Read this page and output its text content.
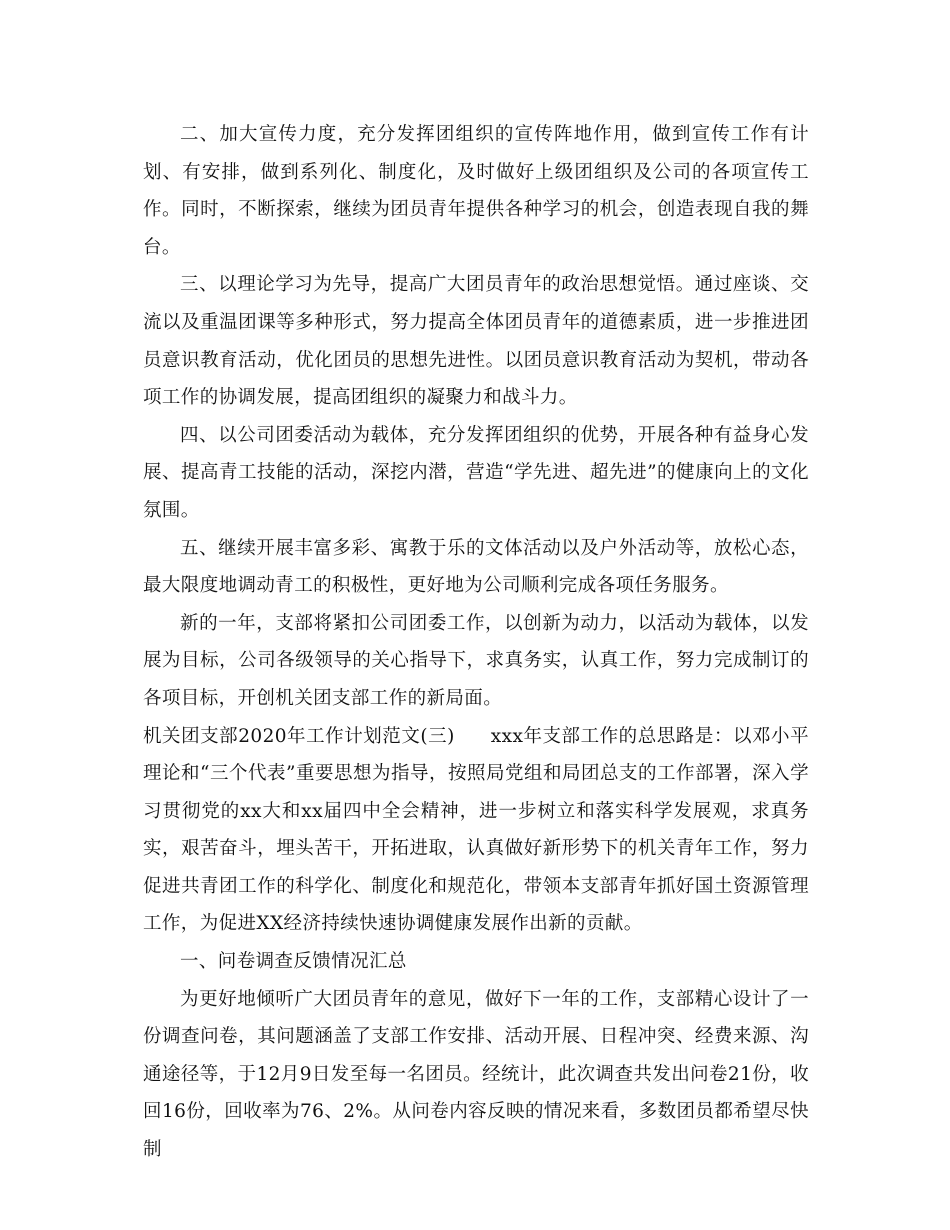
二、加大宣传力度，充分发挥团组织的宣传阵地作用，做到宣传工作有计划、有安排，做到系列化、制度化，及时做好上级团组织及公司的各项宣传工作。同时，不断探索，继续为团员青年提供各种学习的机会，创造表现自我的舞台。

三、以理论学习为先导，提高广大团员青年的政治思想觉悟。通过座谈、交流以及重温团课等多种形式，努力提高全体团员青年的道德素质，进一步推进团员意识教育活动，优化团员的思想先进性。以团员意识教育活动为契机，带动各项工作的协调发展，提高团组织的凝聚力和战斗力。

四、以公司团委活动为载体，充分发挥团组织的优势，开展各种有益身心发展、提高青工技能的活动，深挖内潜，营造“学先进、超先进”的健康向上的文化氛围。

五、继续开展丰富多彩、寓教于乐的文体活动以及户外活动等，放松心态，最大限度地调动青工的积极性，更好地为公司顺利完成各项任务服务。

新的一年，支部将紧扣公司团委工作，以创新为动力，以活动为载体，以发展为目标，公司各级领导的关心指导下，求真务实，认真工作，努力完成制订的各项目标，开创机关团支部工作的新局面。

机关团支部2020年工作计划范文(三) xxx年支部工作的总思路是：以邓小平理论和“三个代表”重要思想为指导，按照局党组和局团总支的工作部署，深入学习贯彻党的xx大和xx届四中全会精神，进一步树立和落实科学发展观，求真务实，艰苦奋斗，埋头苦干，开拓进取，认真做好新形势下的机关青年工作，努力促进共青团工作的科学化、制度化和规范化，带领本支部青年抓好国土资源管理工作，为促进XX经济持续快速协调健康发展作出新的贡献。

一、问卷调查反馈情况汇总

为更好地倾听广大团员青年的意见，做好下一年的工作，支部精心设计了一份调查问卷，其问题涵盖了支部工作安排、活动开展、日程冲突、经费来源、沟通途径等，于12月9日发至每一名团员。经统计，此次调查共发出问卷21份，收回16份，回收率为76、2%。从问卷内容反映的情况来看，多数团员都希望尽快制
